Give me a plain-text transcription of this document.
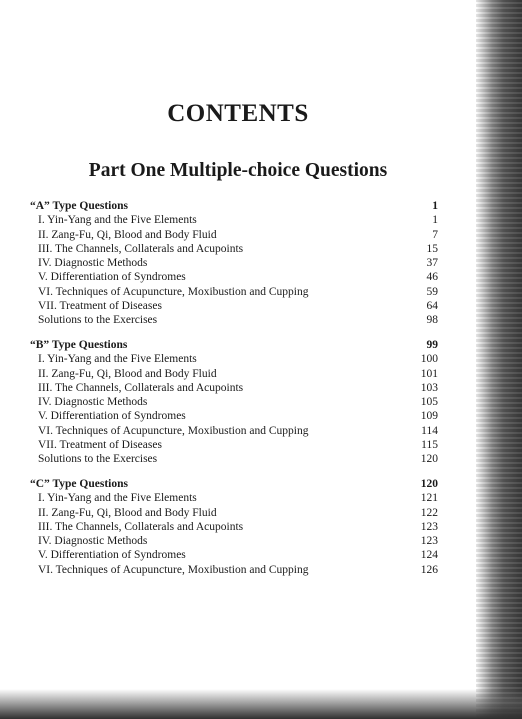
CONTENTS
Part One Multiple-choice Questions
“A” Type Questions	1
I. Yin-Yang and the Five Elements	1
II. Zang-Fu, Qi, Blood and Body Fluid	7
III. The Channels, Collaterals and Acupoints	15
IV. Diagnostic Methods	37
V. Differentiation of Syndromes	46
VI. Techniques of Acupuncture, Moxibustion and Cupping	59
VII. Treatment of Diseases	64
Solutions to the Exercises	98
“B” Type Questions	99
I. Yin-Yang and the Five Elements	100
II. Zang-Fu, Qi, Blood and Body Fluid	101
III. The Channels, Collaterals and Acupoints	103
IV. Diagnostic Methods	105
V. Differentiation of Syndromes	109
VI. Techniques of Acupuncture, Moxibustion and Cupping	114
VII. Treatment of Diseases	115
Solutions to the Exercises	120
“C” Type Questions	120
I. Yin-Yang and the Five Elements	121
II. Zang-Fu, Qi, Blood and Body Fluid	122
III. The Channels, Collaterals and Acupoints	123
IV. Diagnostic Methods	123
V. Differentiation of Syndromes	124
VI. Techniques of Acupuncture, Moxibustion and Cupping	126
